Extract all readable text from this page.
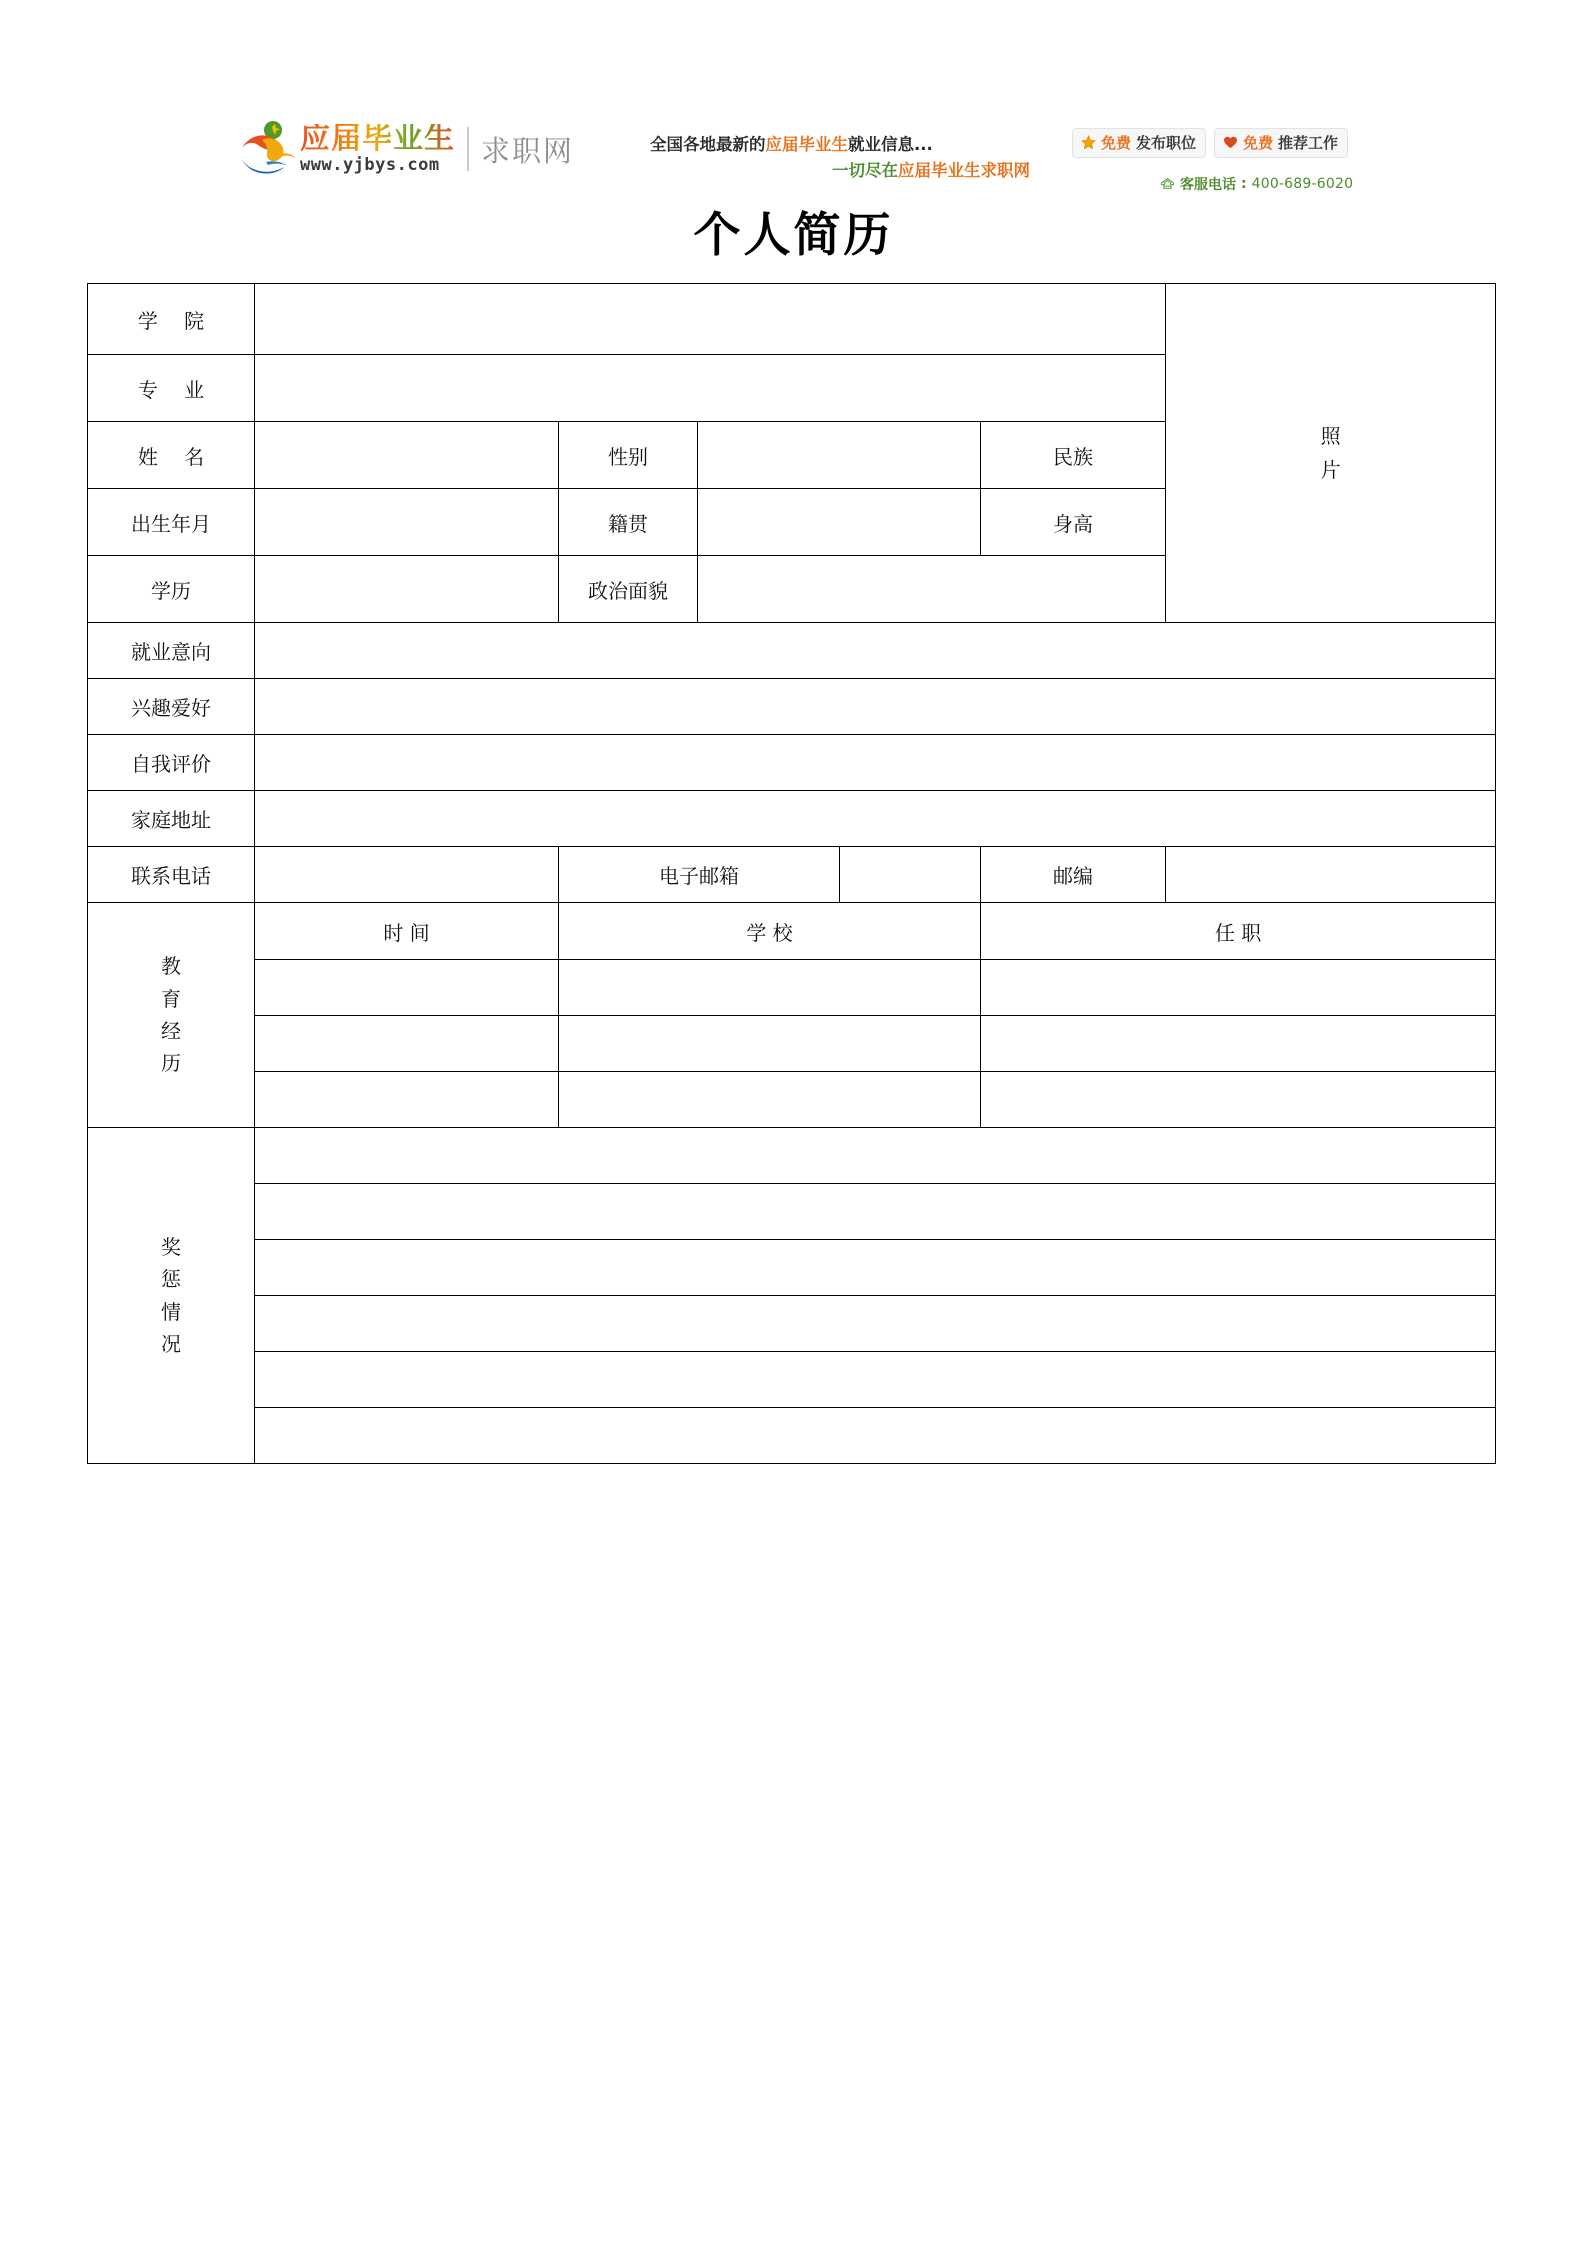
应届毕业生
www.yjbys.com	求职网	全国各地最新的应届毕业生就业信息...
一切尽在应届毕业生求职网
免费 发布职位	免费 推荐工作
客服电话 : 400-689-6020
个人简历
学 院						照
片

专 业						
姓 名		性别			民族	
出生年月		籍贯			身高	
学历		政治面貌				
就业意向						
兴趣爱好						
自我评价						
家庭地址						
联系电话		电子邮箱			邮编	

教
育
经
历	时 间	学 校			任 职	

奖
惩
情
况						
